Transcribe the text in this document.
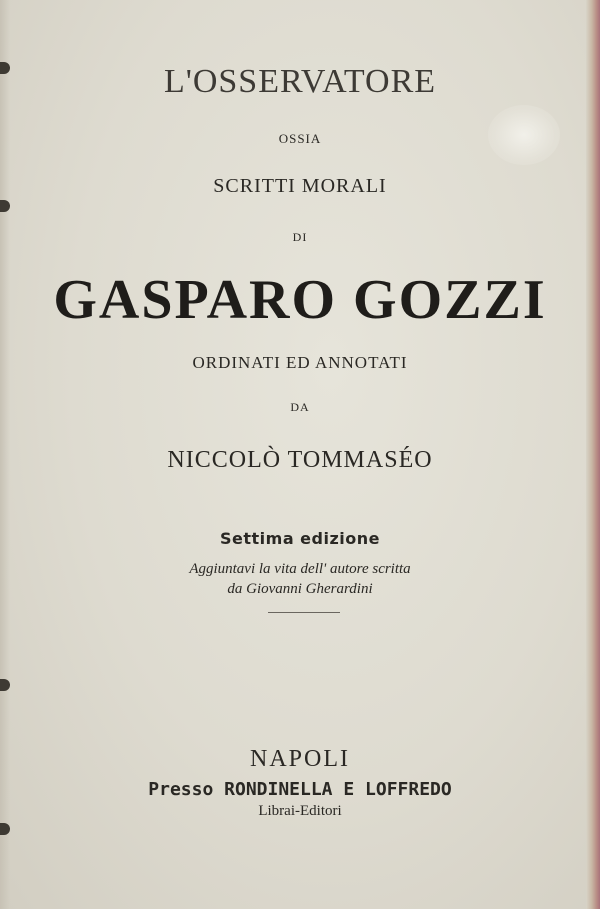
L'OSSERVATORE
OSSIA
SCRITTI MORALI
DI
GASPARO GOZZI
ORDINATI ED ANNOTATI
DA
NICCOLÒ TOMMASÉO
Settima edizione
Aggiuntavi la vita dell' autore scritta
da Giovanni Gherardini
NAPOLI
Presso RONDINELLA E LOFFREDO
Librai-Editori
